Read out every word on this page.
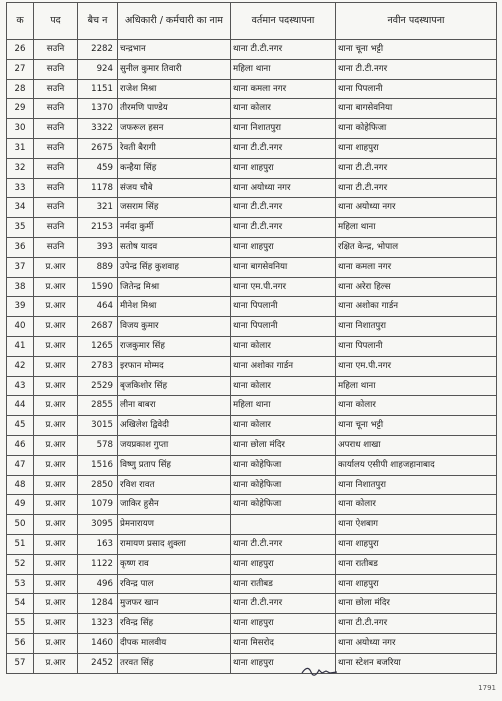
क	पद	बैच न	अधिकारी / कर्मचारी का नाम	वर्तमान पदस्थापना	नवीन पदस्थापना
26	सउनि	2282	चन्द्रभान	थाना टी.टी.नगर	थाना चूना भट्टी
27	सउनि	924	सुनील कुमार तिवारी	महिला थाना	थाना टी.टी.नगर
28	सउनि	1151	राजेश मिश्रा	थाना कमला नगर	थाना पिपलानी
29	सउनि	1370	तीरमणि पाण्डेय	थाना कोलार	थाना बागसेवनिया
30	सउनि	3322	जफरूल हसन	थाना निशातपुरा	थाना कोहेफिजा
31	सउनि	2675	रेवती बैरागी	थाना टी.टी.नगर	थाना शाहपुरा
32	सउनि	459	कन्हैया सिंह	थाना शाहपुरा	थाना टी.टी.नगर
33	सउनि	1178	संजय चौबे	थाना अयोध्या नगर	थाना टी.टी.नगर
34	सउनि	321	जसराम सिंह	थाना टी.टी.नगर	थाना अयोध्या नगर
35	सउनि	2153	नर्मदा कुर्मी	थाना टी.टी.नगर	महिला थाना
36	सउनि	393	सतोष यादव	थाना शाहपुरा	रक्षित केन्द्र, भोपाल
37	प्र.आर	889	उपेन्द्र सिंह कुशवाह	थाना बागसेवनिया	थाना कमला नगर
38	प्र.आर	1590	जितेन्द्र मिश्रा	थाना एम.पी.नगर	थाना अरेरा हिल्स
39	प्र.आर	464	मीनेश मिश्रा	थाना पिपलानी	थाना अशोका गार्डन
40	प्र.आर	2687	विजय कुमार	थाना पिपलानी	थाना निशातपुरा
41	प्र.आर	1265	राजकुमार सिंह	थाना कोलार	थाना पिपलानी
42	प्र.आर	2783	इरफान मोम्मद	थाना अशोका गार्डन	थाना एम.पी.नगर
43	प्र.आर	2529	बृजकिशोर सिंह	थाना कोलार	महिला थाना
44	प्र.आर	2855	लीना बाबरा	महिला थाना	थाना कोलार
45	प्र.आर	3015	अखिलेश द्विवेदी	थाना कोलार	थाना चूना भट्टी
46	प्र.आर	578	जयप्रकाश गुप्ता	थाना छोला मंदिर	अपराध शाखा
47	प्र.आर	1516	विष्णु प्रताप सिंह	थाना कोहेफिजा	कार्यालय एसीपी शाहजहानाबाद
48	प्र.आर	2850	रविश रावत	थाना कोहेफिजा	थाना निशातपुरा
49	प्र.आर	1079	जाकिर हुसैन	थाना कोहेफिजा	थाना कोलार
50	प्र.आर	3095	प्रेमनारायण		थाना ऐशबाग
51	प्र.आर	163	रामायण प्रसाद शुक्ला	थाना टी.टी.नगर	थाना शाहपुरा
52	प्र.आर	1122	कृष्ण राव	थाना शाहपुरा	थाना रातीबड
53	प्र.आर	496	रविन्द्र पाल	थाना रातीबड	थाना शाहपुरा
54	प्र.आर	1284	मुजफर खान	थाना टी.टी.नगर	थाना छोला मंदिर
55	प्र.आर	1323	रविन्द्र सिंह	थाना शाहपुरा	थाना टी.टी.नगर
56	प्र.आर	1460	दीपक मालवीय	थाना मिसरोद	थाना अयोध्या नगर
57	प्र.आर	2452	तरवत सिंह	थाना शाहपुरा	थाना स्टेशन बजरिया
1791
